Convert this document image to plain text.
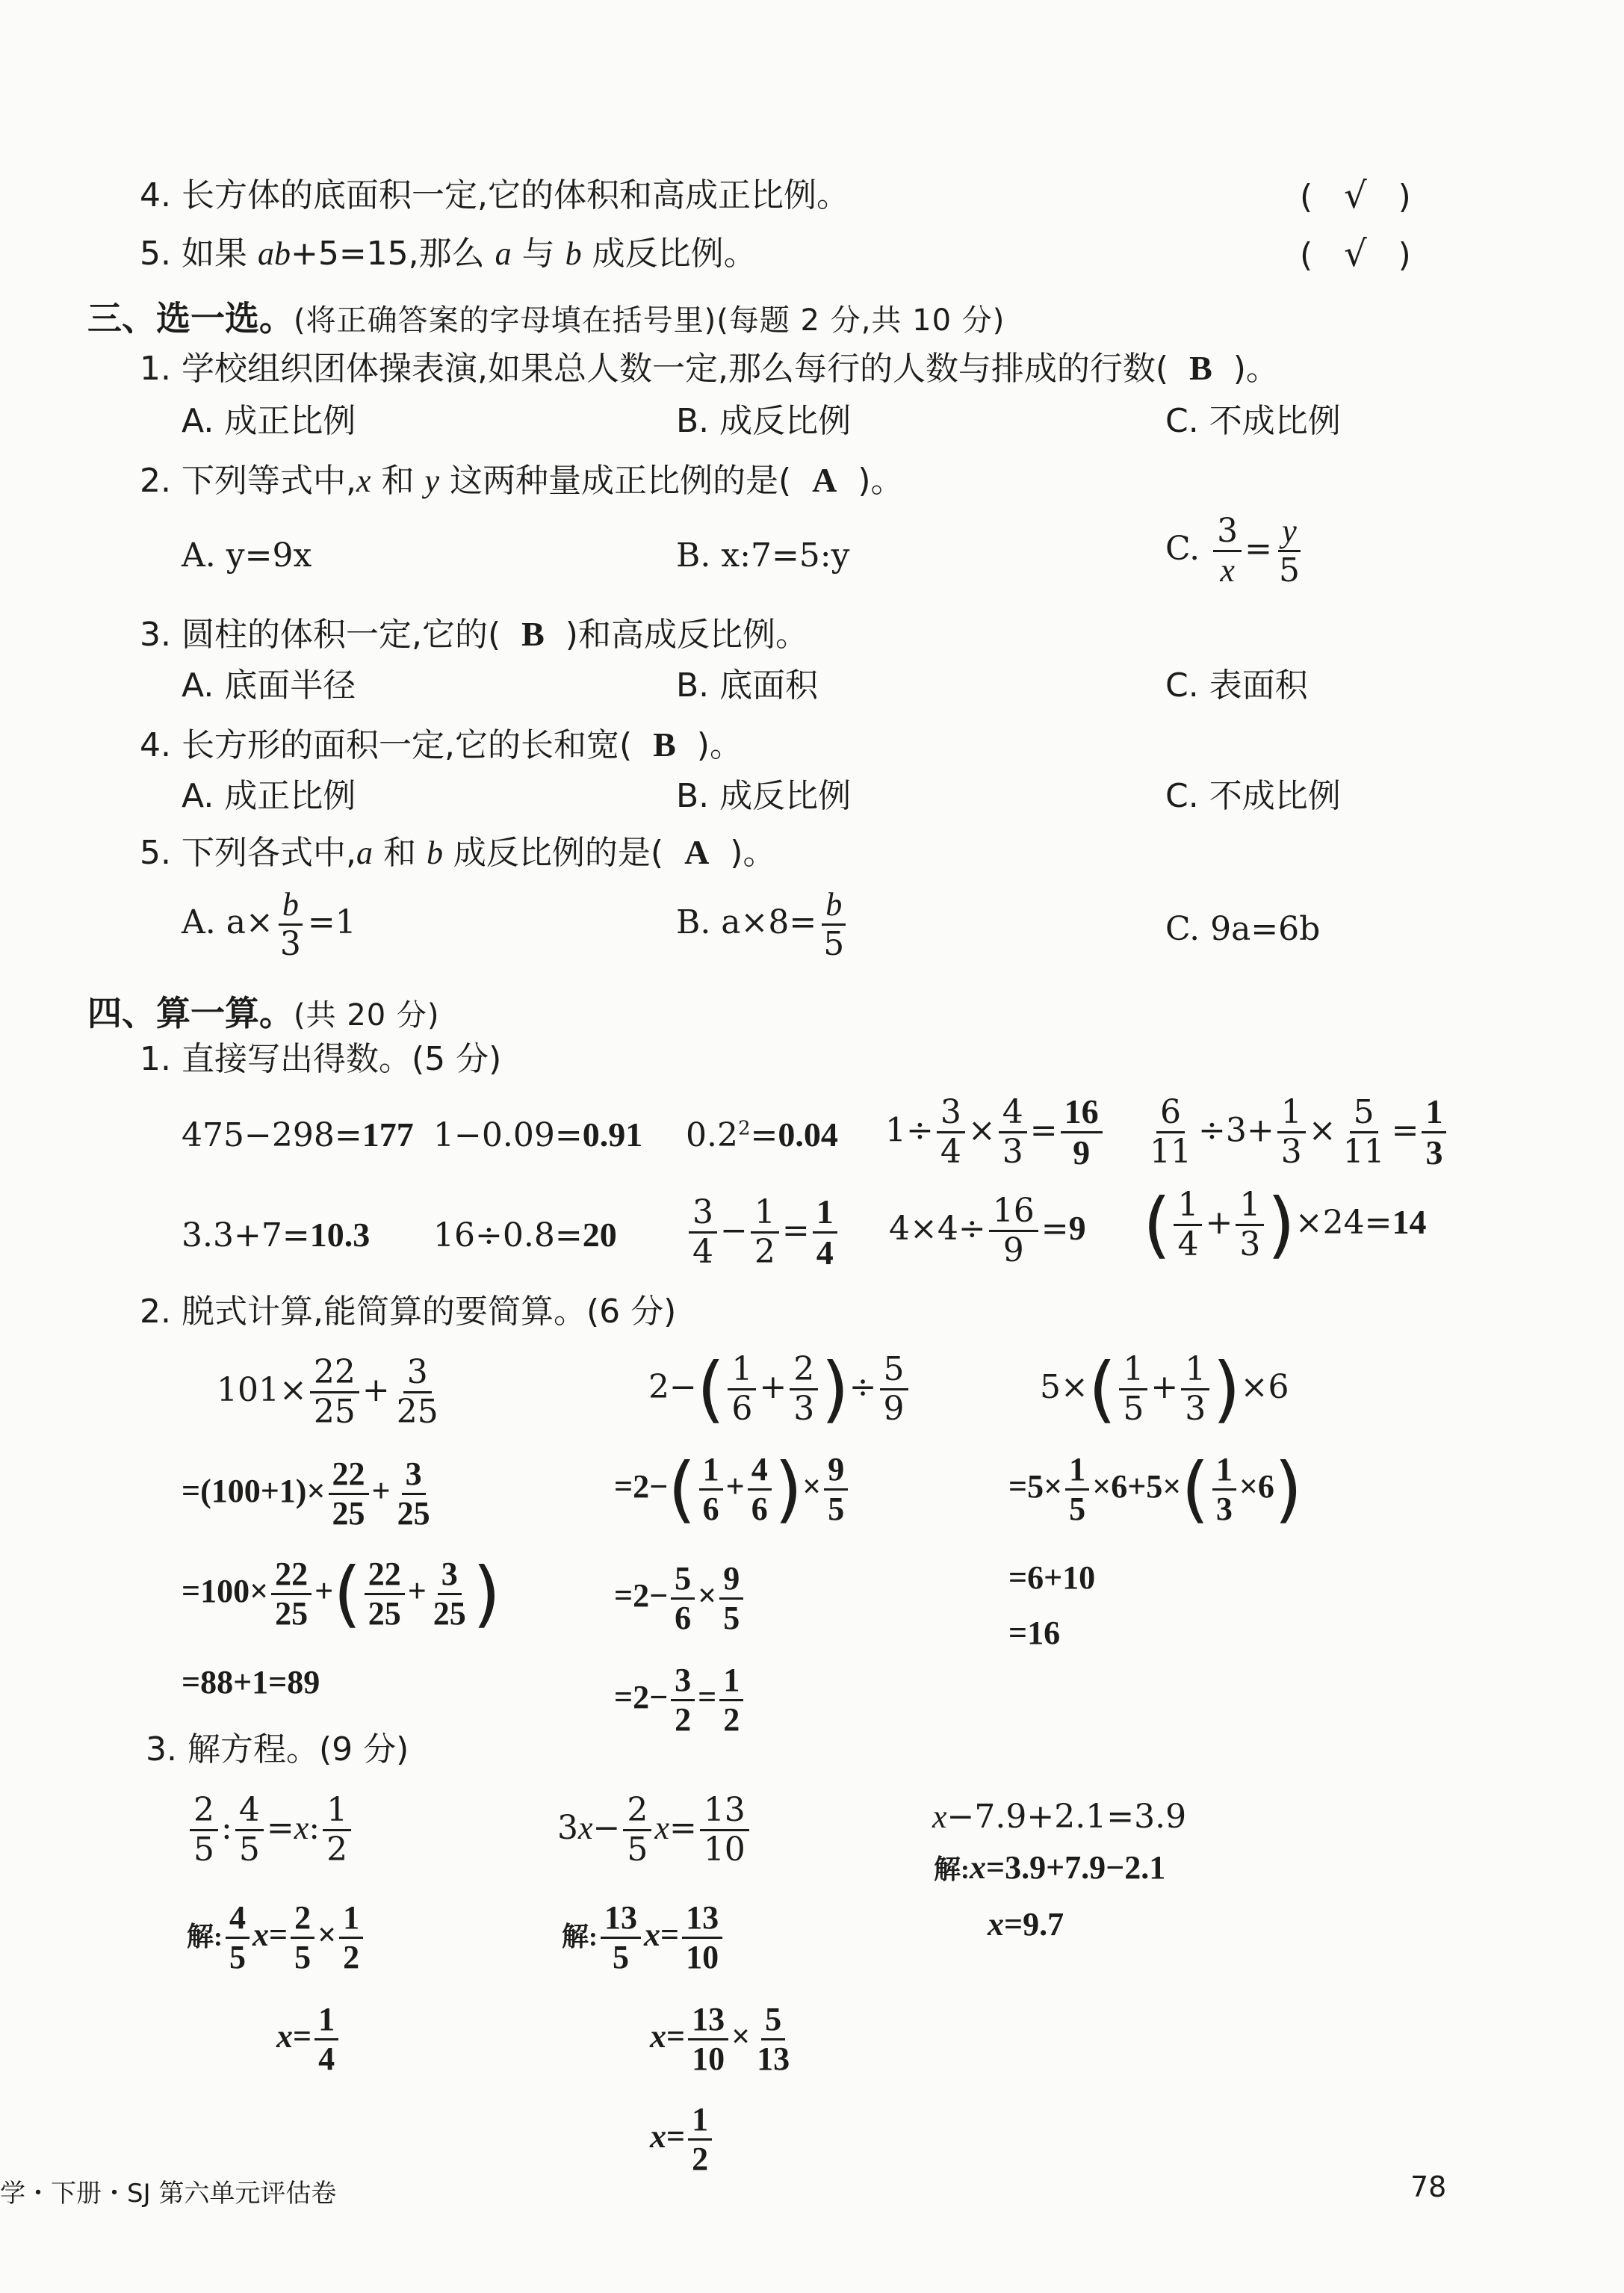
4. 长方体的底面积一定,它的体积和高成正比例。	(   √   )
5. 如果 ab+5=15,那么 a 与 b 成反比例。	(   √   )
三、选一选。(将正确答案的字母填在括号里)(每题 2 分,共 10 分)
1. 学校组织团体操表演,如果总人数一定,那么每行的人数与排成的行数( B )。
A. 成正比例	B. 成反比例	C. 不成比例
2. 下列等式中,x 和 y 这两种量成正比例的是( A )。
A. y=9x	B. x:7=5:y	C. $\frac{3}{x} = \frac{y}{5}$
3. 圆柱的体积一定,它的( B )和高成反比例。
A. 底面半径	B. 底面积	C. 表面积
4. 长方形的面积一定,它的长和宽( B )。
A. 成正比例	B. 成反比例	C. 不成比例
5. 下列各式中,a 和 b 成反比例的是( A )。
A. $a\times \frac{b}{3} =1$	B. $a\times 8= \frac{b}{5}$	C. 9a=6b
四、算一算。(共 20 分)
1. 直接写出得数。(5 分)
475−298=177 1−0.09=0.91 $0.2^2=0.04$ $1\div \frac{3}{4} \times \frac{4}{3} = \frac{16}{9} \frac{6}{11} \div 3+ \frac{1}{3} \times \frac{5}{11} = \frac{1}{3}$
3.3+7=10.3 $16\div 0.8=20 \frac{3}{4} - \frac{1}{2} = \frac{1}{4} 4\times 4\div \frac{16}{9} =9$ ( $\frac{1}{4} + \frac{1}{3} )\times 24=14$
2. 脱式计算,能简算的要简算。(6 分)
$101\times \frac{22}{25} + \frac{3}{25}$
$=(100+1)\times \frac{22}{25} + \frac{3}{25}$
$=100\times \frac{22}{25}$ +( $\frac{22}{25} + \frac{3}{25}$ )
=88+1=89
$2-( \frac{1}{6} + \frac{2}{3}$ )÷ $\frac{5}{9}$
$=2-( \frac{1}{6} + \frac{4}{6}$ )× $\frac{9}{5}$
$=2- \frac{5}{6} \times \frac{9}{5}$
$=2- \frac{3}{2} = \frac{1}{2}$
$5\times( \frac{1}{5} + \frac{1}{3} )\times 6$
$=5\times \frac{1}{5} \times 6+5\times( \frac{1}{3} \times 6)$
=6+10
=16
3. 解方程。(9 分)
$\frac{2}{5}$ : $\frac{4}{5} =x$: $\frac{1}{2}$
解: $\frac{4}{5} x= \frac{2}{5} \times \frac{1}{2}$
$x= \frac{1}{4}$
$3x- \frac{2}{5} x= \frac{13}{10}$
解: $\frac{13}{5} x= \frac{13}{10}$
$x= \frac{13}{10} \times \frac{5}{13}$
$x= \frac{1}{2}$
x−7.9+2.1=3.9
解:x=3.9+7.9−2.1
x=9.7
学・下册・SJ 第六单元评估卷	78
